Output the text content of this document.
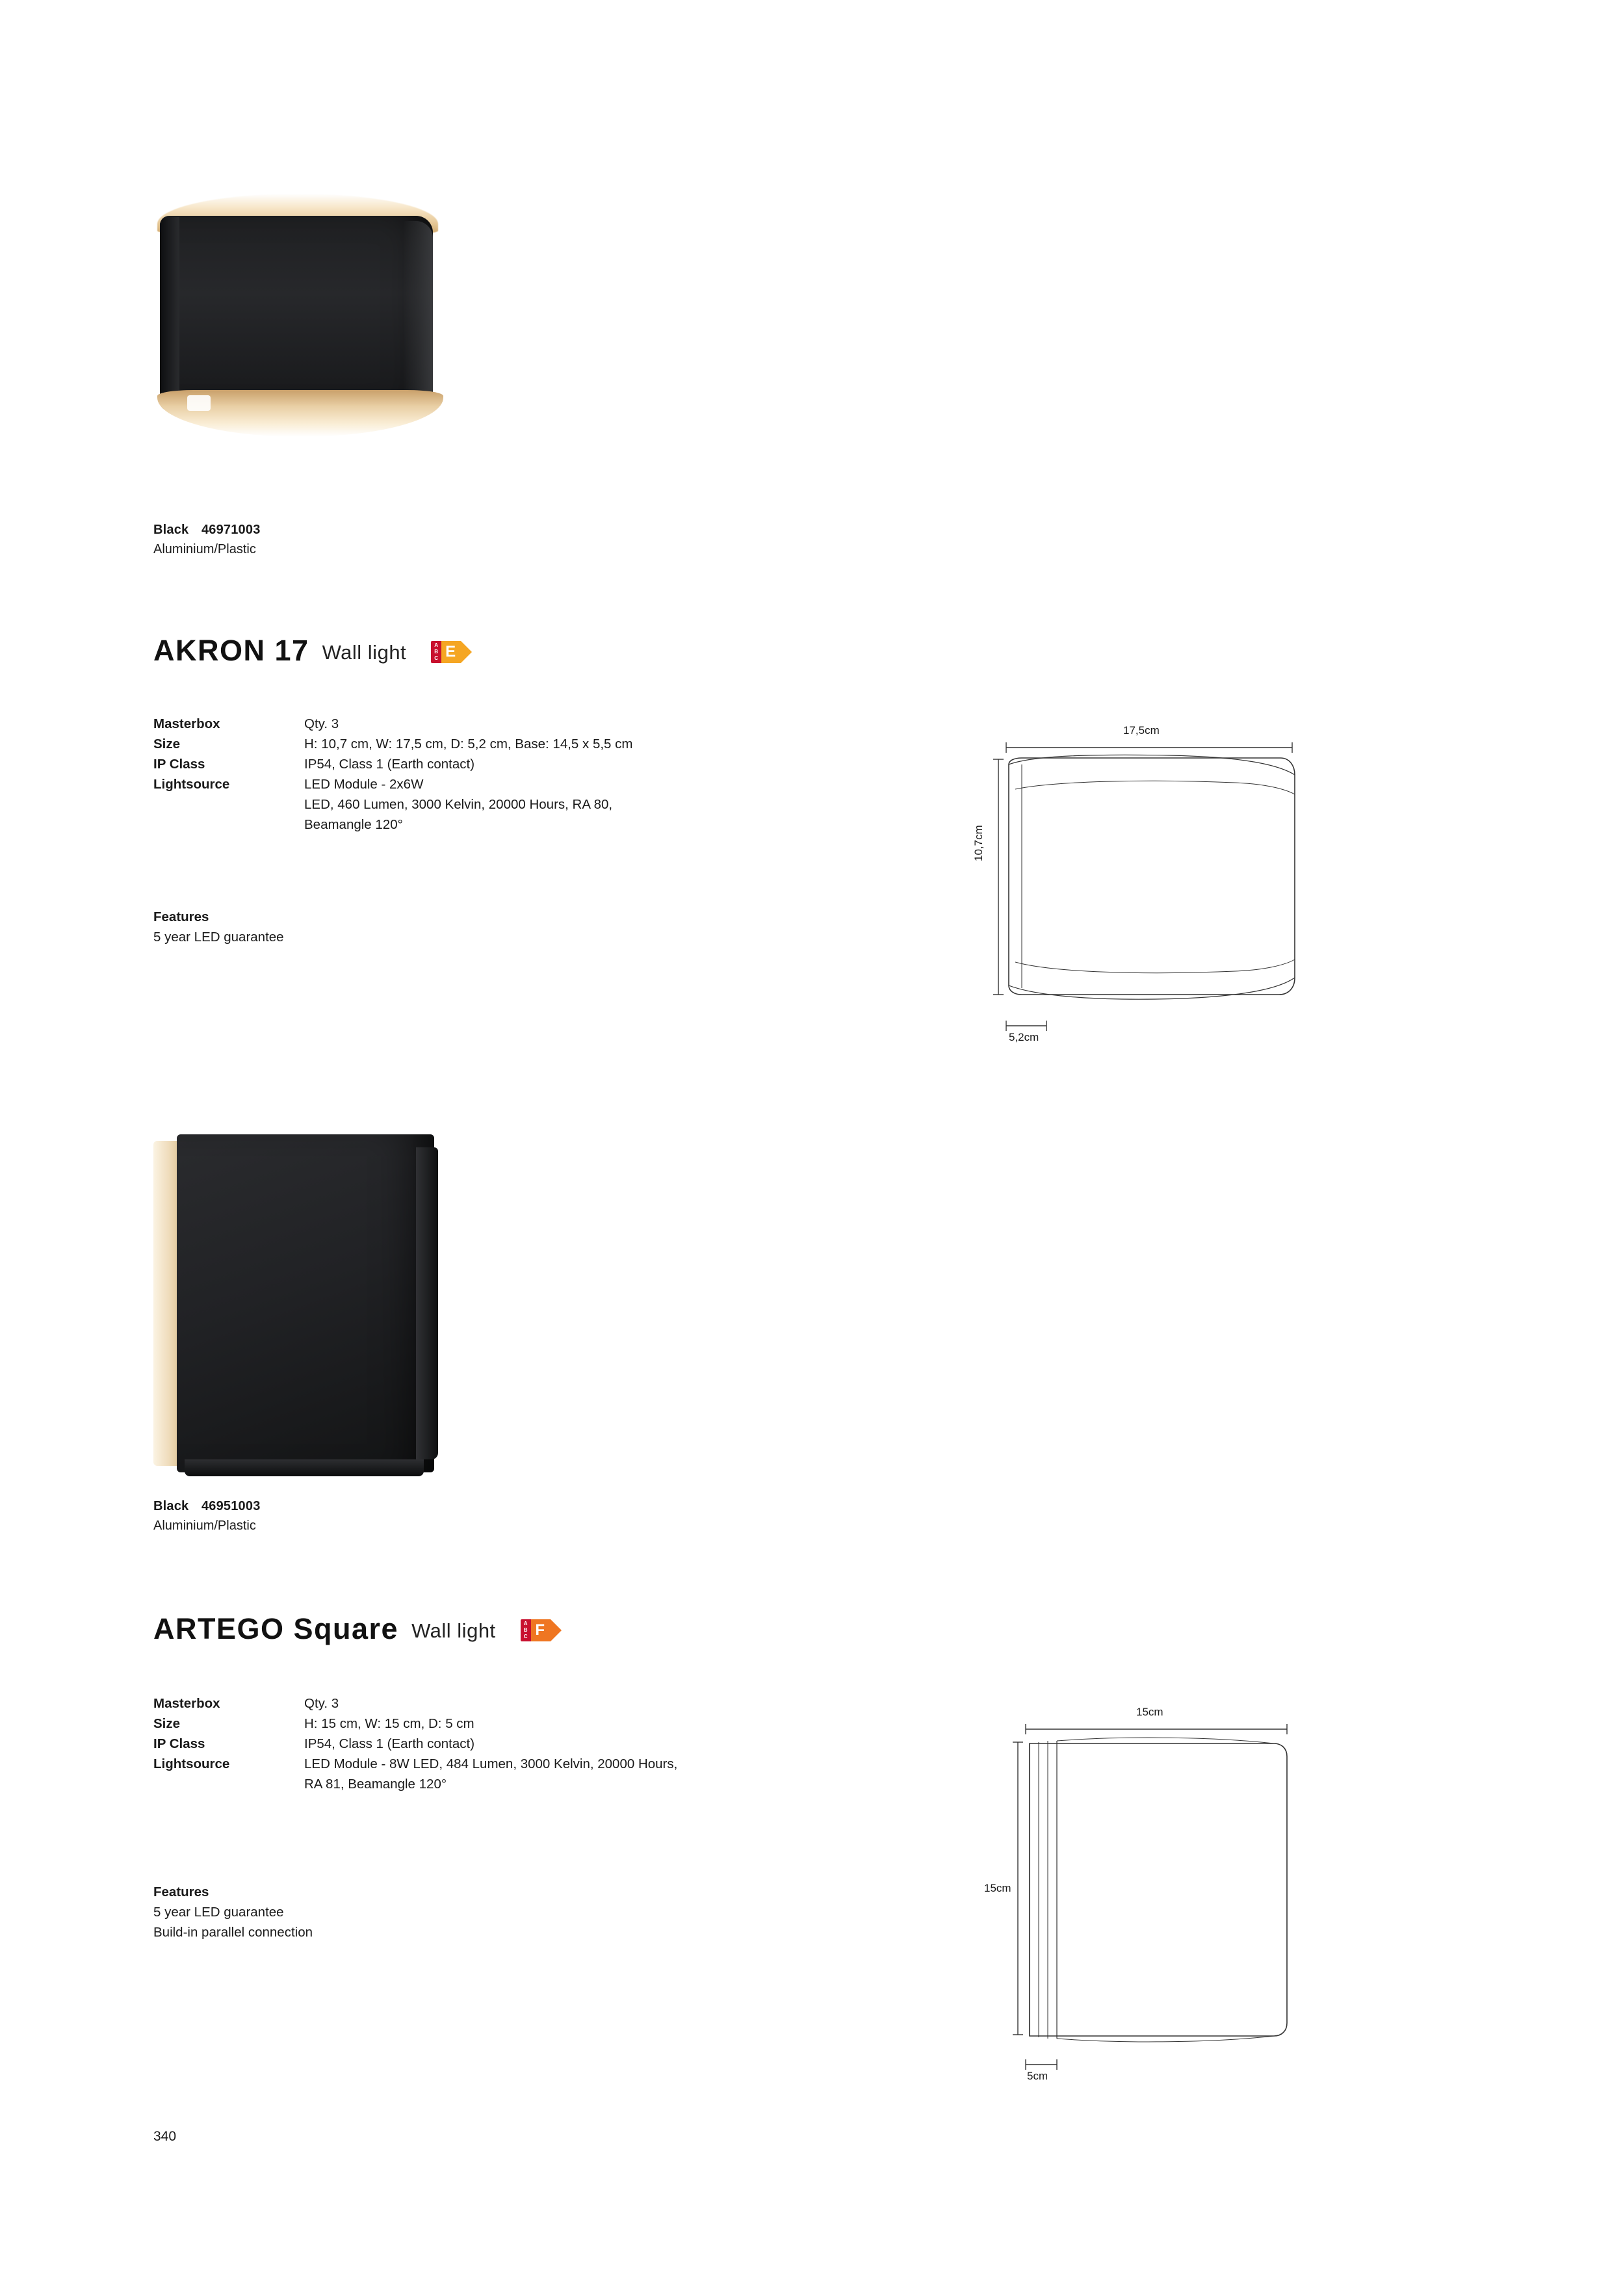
Black 46971003
Aluminium/Plastic
AKRON 17 Wall light	A
B
C E
Masterbox	Qty. 3
Size	H: 10,7 cm, W: 17,5 cm, D: 5,2 cm, Base: 14,5 x 5,5 cm
IP Class	IP54, Class 1 (Earth contact)
Lightsource	LED Module - 2x6W
	LED, 460 Lumen, 3000 Kelvin, 20000 Hours, RA 80,
	Beamangle 120°
Features
5 year LED guarantee
17,5cm
10,7cm
5,2cm
Black 46951003
Aluminium/Plastic
ARTEGO Square Wall light	A
B
C F
Masterbox	Qty. 3
Size	H: 15 cm, W: 15 cm, D: 5 cm
IP Class	IP54, Class 1 (Earth contact)
Lightsource	LED Module - 8W LED, 484 Lumen, 3000 Kelvin, 20000 Hours,
	RA 81, Beamangle 120°
Features
5 year LED guarantee
Build-in parallel connection
15cm
15cm
5cm
340
